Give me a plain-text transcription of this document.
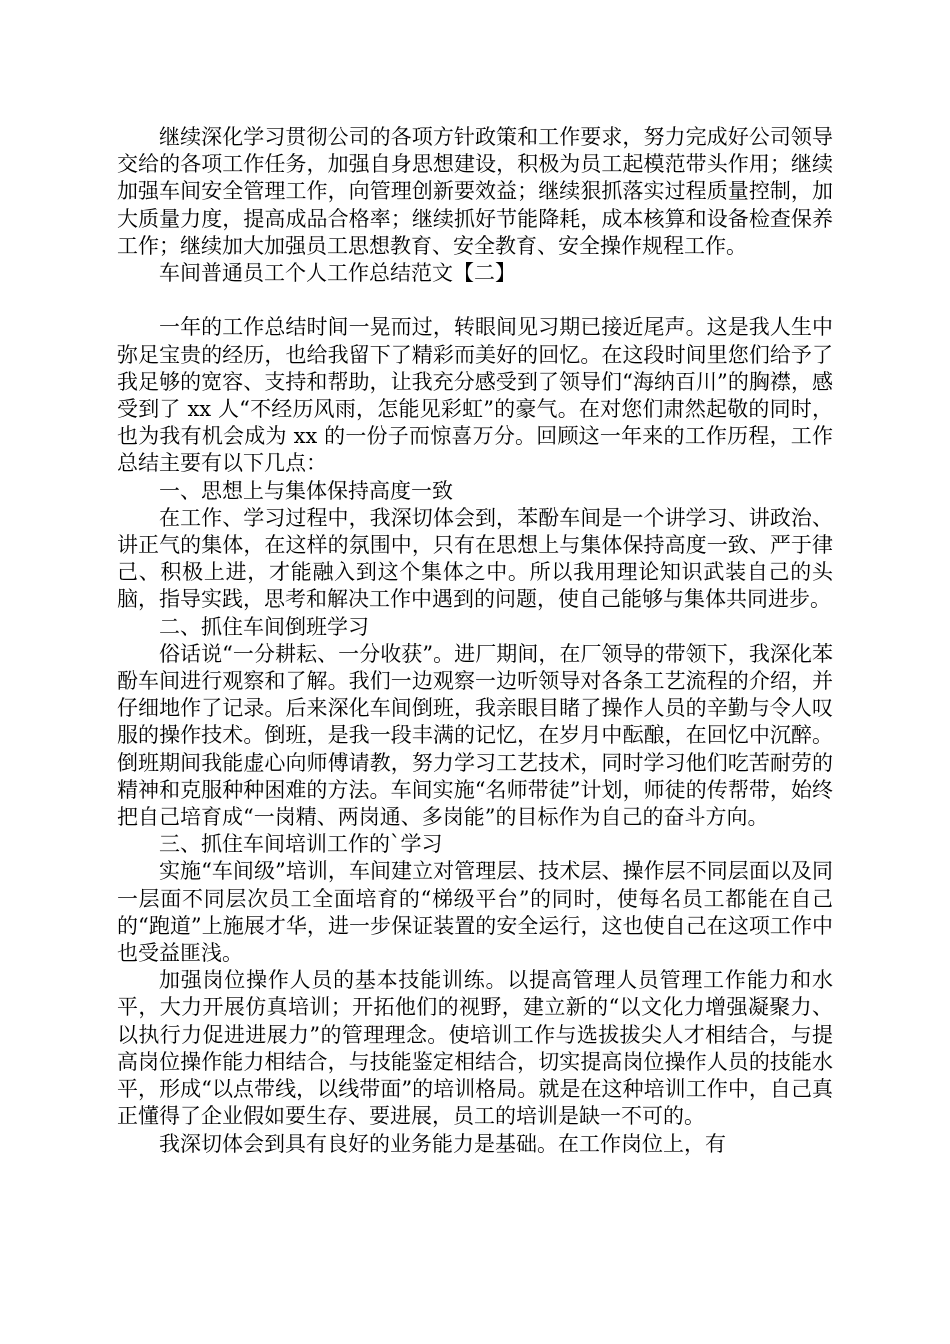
继续深化学习贯彻公司的各项方针政策和工作要求，努力完成好公司领导交给的各项工作任务，加强自身思想建设，积极为员工起模范带头作用；继续加强车间安全管理工作，向管理创新要效益；继续狠抓落实过程质量控制，加大质量力度，提高成品合格率；继续抓好节能降耗，成本核算和设备检查保养工作；继续加大加强员工思想教育、安全教育、安全操作规程工作。

车间普通员工个人工作总结范文【二】

一年的工作总结时间一晃而过，转眼间见习期已接近尾声。这是我人生中弥足宝贵的经历，也给我留下了精彩而美好的回忆。在这段时间里您们给予了我足够的宽容、支持和帮助，让我充分感受到了领导们“海纳百川”的胸襟，感受到了 xx 人“不经历风雨，怎能见彩虹”的豪气。在对您们肃然起敬的同时，也为我有机会成为 xx 的一份子而惊喜万分。回顾这一年来的工作历程，工作总结主要有以下几点：

一、思想上与集体保持高度一致

在工作、学习过程中，我深切体会到，苯酚车间是一个讲学习、讲政治、讲正气的集体，在这样的氛围中，只有在思想上与集体保持高度一致、严于律己、积极上进，才能融入到这个集体之中。所以我用理论知识武装自己的头脑，指导实践，思考和解决工作中遇到的问题，使自己能够与集体共同进步。

二、抓住车间倒班学习

俗话说“一分耕耘、一分收获”。进厂期间，在厂领导的带领下，我深化苯酚车间进行观察和了解。我们一边观察一边听领导对各条工艺流程的介绍，并仔细地作了记录。后来深化车间倒班，我亲眼目睹了操作人员的辛勤与令人叹服的操作技术。倒班，是我一段丰满的记忆，在岁月中酝酿，在回忆中沉醉。倒班期间我能虚心向师傅请教，努力学习工艺技术，同时学习他们吃苦耐劳的精神和克服种种困难的方法。车间实施“名师带徒”计划，师徒的传帮带，始终把自己培育成“一岗精、两岗通、多岗能”的目标作为自己的奋斗方向。

三、抓住车间培训工作的`学习

实施“车间级”培训，车间建立对管理层、技术层、操作层不同层面以及同一层面不同层次员工全面培育的“梯级平台”的同时，使每名员工都能在自己的“跑道”上施展才华，进一步保证装置的安全运行，这也使自己在这项工作中也受益匪浅。

加强岗位操作人员的基本技能训练。以提高管理人员管理工作能力和水平，大力开展仿真培训；开拓他们的视野，建立新的“以文化力增强凝聚力、以执行力促进进展力”的管理理念。使培训工作与选拔拔尖人才相结合，与提高岗位操作能力相结合，与技能鉴定相结合，切实提高岗位操作人员的技能水平，形成“以点带线，以线带面”的培训格局。就是在这种培训工作中，自己真正懂得了企业假如要生存、要进展，员工的培训是缺一不可的。

我深切体会到具有良好的业务能力是基础。在工作岗位上，有
